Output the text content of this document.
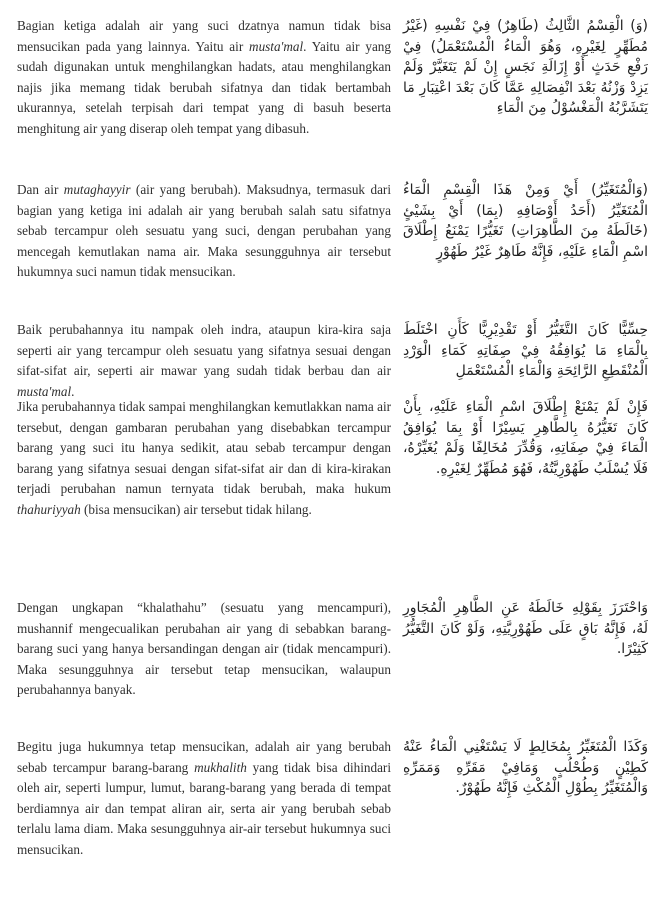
Bagian ketiga adalah air yang suci dzatnya namun tidak bisa mensucikan pada yang lainnya. Yaitu air musta'mal. Yaitu air yang sudah digunakan untuk menghilangkan hadats, atau menghilangkan najis jika memang tidak berubah sifatnya dan tidak bertambah ukurannya, setelah terpisah dari tempat yang di basuh beserta menghitung air yang diserap oleh tempat yang dibasuh.

(وَ) الْقِسْمُ الثَّالِثُ (طَاهِرٌ) فِيْ نَفْسِهِ (غَيْرُ مُطَهِّرٍ لِغَيْرِهِ، وَهُوَ الْمَاءُ الْمُسْتَعْمَلُ) فِيْ رَفْعِ حَدَثٍ أَوْ إِزَالَةِ نَجَسٍ إِنْ لَمْ يَتَغَيَّرْ وَلَمْ يَزِدْ وَزْنُهُ بَعْدَ انْفِصَالِهِ عَمَّا كَانَ بَعْدَ اعْتِبَارِ مَا يَتَشَرَّبُهُ الْمَغْسُوْلُ مِنَ الْمَاءِ

Dan air mutaghayyir (air yang berubah). Maksudnya, termasuk dari bagian yang ketiga ini adalah air yang berubah salah satu sifatnya sebab tercampur oleh sesuatu yang suci, dengan perubahan yang mencegah kemutlakan nama air. Maka sesungguhnya air tersebut hukumnya suci namun tidak mensucikan.

(وَالْمُتَغَيِّرُ) أَيْ وَمِنْ هَذَا الْقِسْمِ الْمَاءُ الْمُتَغَيِّرُ (أَحَدُ أَوْصَافِهِ (بِمَا) أَيْ بِشَيْئٍ (خَالَطَهُ مِنَ الطَّاهِرَاتِ) تَغَيُّرًا يَمْنَعُ إِطْلَاقَ اسْمِ الْمَاءِ عَلَيْهِ، فَإِنَّهُ طَاهِرٌ غَيْرُ طَهُوْرٍ

Baik perubahannya itu nampak oleh indra, ataupun kira-kira saja seperti air yang tercampur oleh sesuatu yang sifatnya sesuai dengan sifat-sifat air, seperti air mawar yang sudah tidak berbau dan air musta'mal.

حِسِّيًّا كَانَ التَّغَيُّرُ أَوْ تَقْدِيْرِيًّا كَأَنِ اخْتَلَطَ بِالْمَاءِ مَا يُوَافِقُهُ فِيْ صِفَاتِهِ كَمَاءِ الْوَرْدِ الْمُنْقَطِعِ الرَّائِحَةِ وَالْمَاءِ الْمُسْتَعْمَلِ

Jika perubahannya tidak sampai menghilangkan kemutlakkan nama air tersebut, dengan gambaran perubahan yang disebabkan tercampur barang yang suci itu hanya sedikit, atau sebab tercampur dengan barang yang sifatnya sesuai dengan sifat-sifat air dan di kira-kirakan terjadi perubahan namun ternyata tidak berubah, maka hukum thahuriyyah (bisa mensucikan) air tersebut tidak hilang.

فَإِنْ لَمْ يَمْنَعْ إِطْلَاقَ اسْمِ الْمَاءِ عَلَيْهِ، بِأَنْ كَانَ تَغَيُّرُهُ بِالطَّاهِرِ يَسِيْرًا أَوْ بِمَا يُوَافِقُ الْمَاءَ فِيْ صِفَاتِهِ، وَقُدِّرَ مُخَالِفًا وَلَمْ يُغَيِّرْهُ، فَلَا يُسْلَبُ طَهُوْرِيَّتُهُ، فَهُوَ مُطَهِّرٌ لِغَيْرِهِ.

Dengan ungkapan “khalathahu” (sesuatu yang mencampuri), mushannif mengecualikan perubahan air yang di sebabkan barang-barang suci yang hanya bersandingan dengan air (tidak mencampuri). Maka sesungguhnya air tersebut tetap mensucikan, walaupun perubahannya banyak.

وَاحْتَرَزَ بِقَوْلِهِ خَالَطَهُ عَنِ الطَّاهِرِ الْمُجَاوِرِ لَهُ، فَإِنَّهُ بَاقٍ عَلَى طَهُوْرِيَّتِهِ، وَلَوْ كَانَ التَّغَيُّرُ كَثِيْرًا.

Begitu juga hukumnya tetap mensucikan, adalah air yang berubah sebab tercampur barang-barang mukhalith yang tidak bisa dihindari oleh air, seperti lumpur, lumut, barang-barang yang berada di tempat berdiamnya air dan tempat aliran air, serta air yang berubah sebab terlalu lama diam. Maka sesungguhnya air-air tersebut hukumnya suci mensucikan.

وَكَذَا الْمُتَغَيِّرُ بِمُخَالِطٍ لَا يَسْتَغْنِي الْمَاءُ عَنْهُ كَطِيْنٍ وَطُحْلُبٍ وَمَافِيْ مَقَرِّهِ وَمَمَرِّهِ وَالْمُتَغَيِّرُ بِطُوْلِ الْمُكْثِ فَإِنَّهُ طَهُوْرٌ.
